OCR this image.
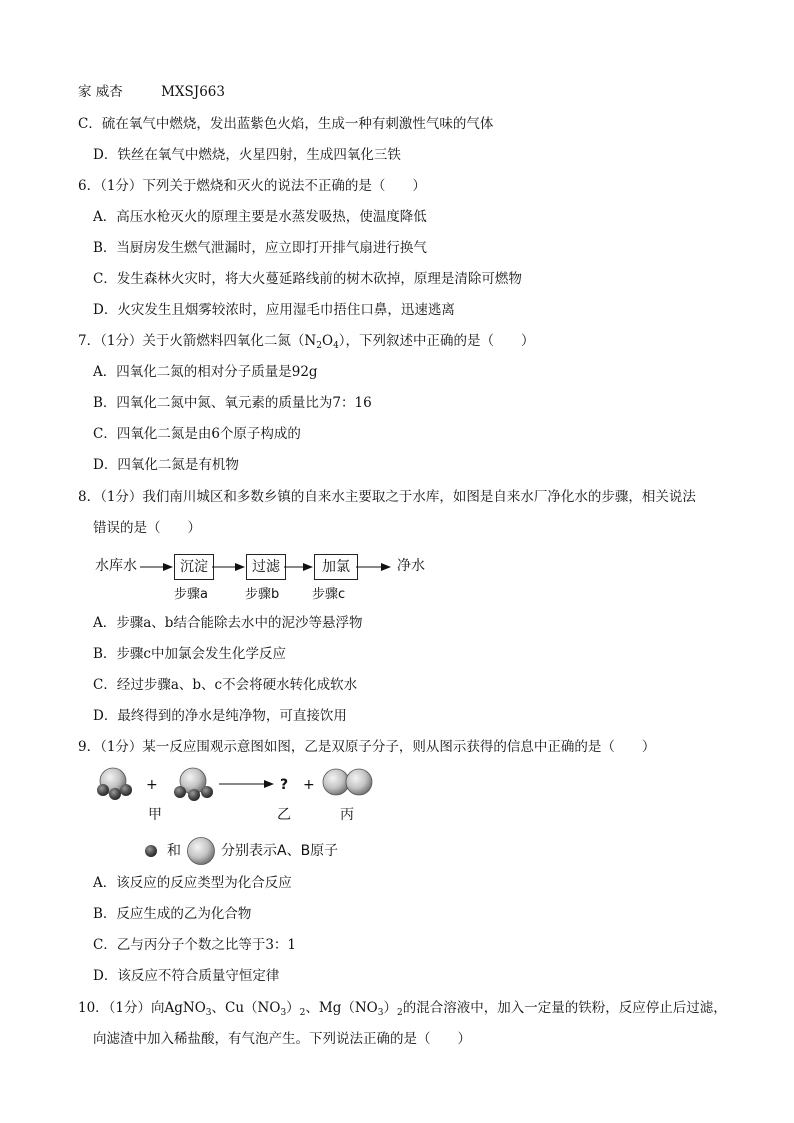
家 威杏	MXSJ663
C．硫在氧气中燃烧，发出蓝紫色火焰，生成一种有刺激性气味的气体
D．铁丝在氧气中燃烧，火星四射，生成四氧化三铁
6．（1分）下列关于燃烧和灭火的说法不正确的是（　　）
A．高压水枪灭火的原理主要是水蒸发吸热，使温度降低
B．当厨房发生燃气泄漏时，应立即打开排气扇进行换气
C．发生森林火灾时，将大火蔓延路线前的树木砍掉，原理是清除可燃物
D．火灾发生且烟雾较浓时，应用湿毛巾捂住口鼻，迅速逃离
7．（1分）关于火箭燃料四氧化二氮$(N_2O_4)$，下列叙述中正确的是（　　）
A．四氧化二氮的相对分子质量是92g
B．四氧化二氮中氮、氧元素的质量比为7：16
C．四氧化二氮是由6个原子构成的
D．四氧化二氮是有机物
8．（1分）我们南川城区和多数乡镇的自来水主要取之于水库，如图是自来水厂净化水的步骤，相关说法
错误的是（　　）
水库水	沉淀	过滤	加氯	净水
步骤a	步骤b	步骤c
A．步骤a、b结合能除去水中的泥沙等悬浮物
B．步骤c中加氯会发生化学反应
C．经过步骤a、b、c不会将硬水转化成软水
D．最终得到的净水是纯净物，可直接饮用
9．（1分）某一反应围观示意图如图，乙是双原子分子，则从图示获得的信息中正确的是（　　）
+	→ ? +
甲	乙	丙
和	分别表示A、B原子
A．该反应的反应类型为化合反应
B．反应生成的乙为化合物
C．乙与丙分子个数之比等于3：1
D．该反应不符合质量守恒定律
10．（1分）向AgNO$_3$、$Cu(NO_3)_2$、$Mg(NO_3)_2$的混合溶液中，加入一定量的铁粉，反应停止后过滤，
向滤渣中加入稀盐酸，有气泡产生。下列说法正确的是（　　）
